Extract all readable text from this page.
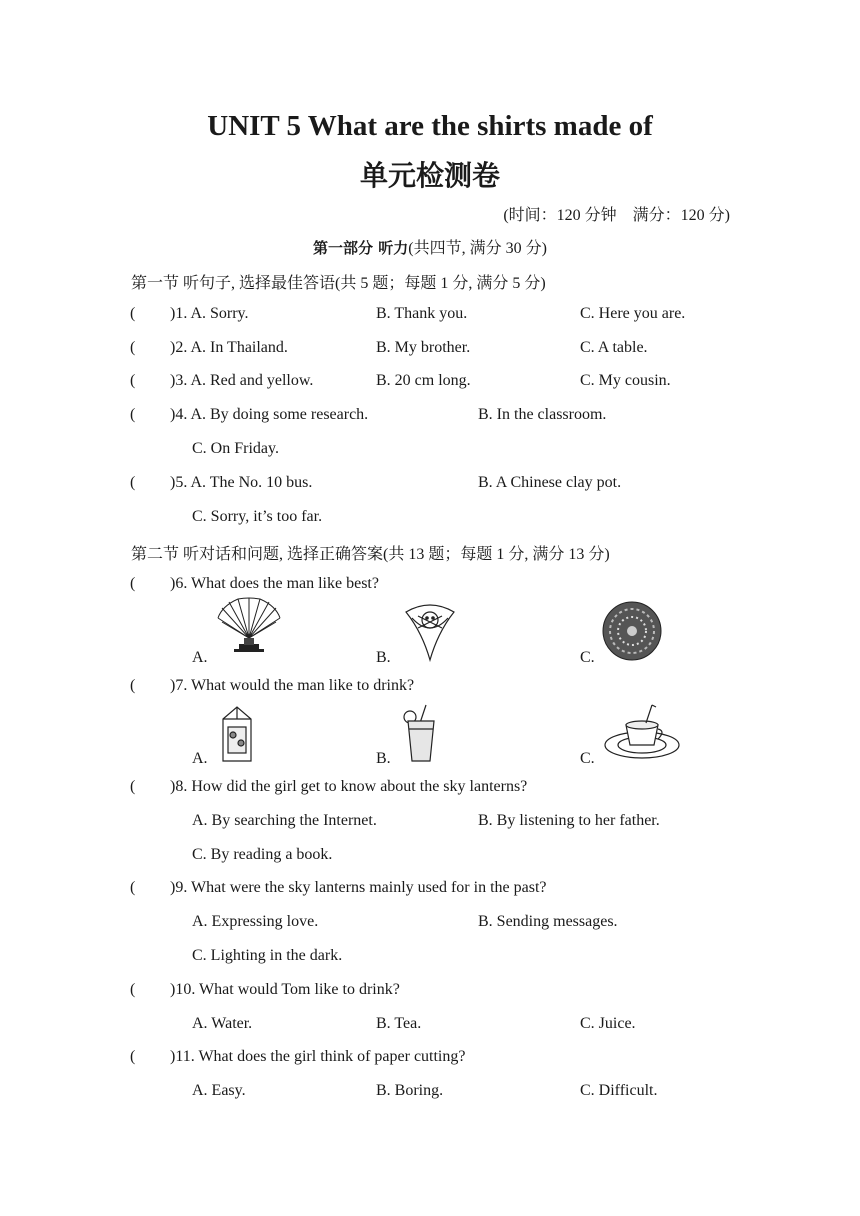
UNIT 5 What are the shirts made of
单元检测卷
(时间：120 分钟　满分：120 分)
第一部分 听力(共四节, 满分 30 分)
第一节 听句子, 选择最佳答语(共 5 题；每题 1 分, 满分 5 分)
( )1. A. Sorry.	B. Thank you.	C. Here you are.
( )2. A. In Thailand.	B. My brother.	C. A table.
( )3. A. Red and yellow.	B. 20 cm long.	C. My cousin.
( )4. A. By doing some research.	B. In the classroom.
C. On Friday.
( )5. A. The No. 10 bus.	B. A Chinese clay pot.
C. Sorry, it’s too far.
第二节 听对话和问题, 选择正确答案(共 13 题；每题 1 分, 满分 13 分)
( )6. What does the man like best?
A.	B.	C.
( )7. What would the man like to drink?
A.	B.	C.
( )8. How did the girl get to know about the sky lanterns?
A. By searching the Internet.	B. By listening to her father.
C. By reading a book.
( )9. What were the sky lanterns mainly used for in the past?
A. Expressing love.	B. Sending messages.
C. Lighting in the dark.
( )10. What would Tom like to drink?
A. Water.	B. Tea.	C. Juice.
( )11. What does the girl think of paper cutting?
A. Easy.	B. Boring.	C. Difficult.
